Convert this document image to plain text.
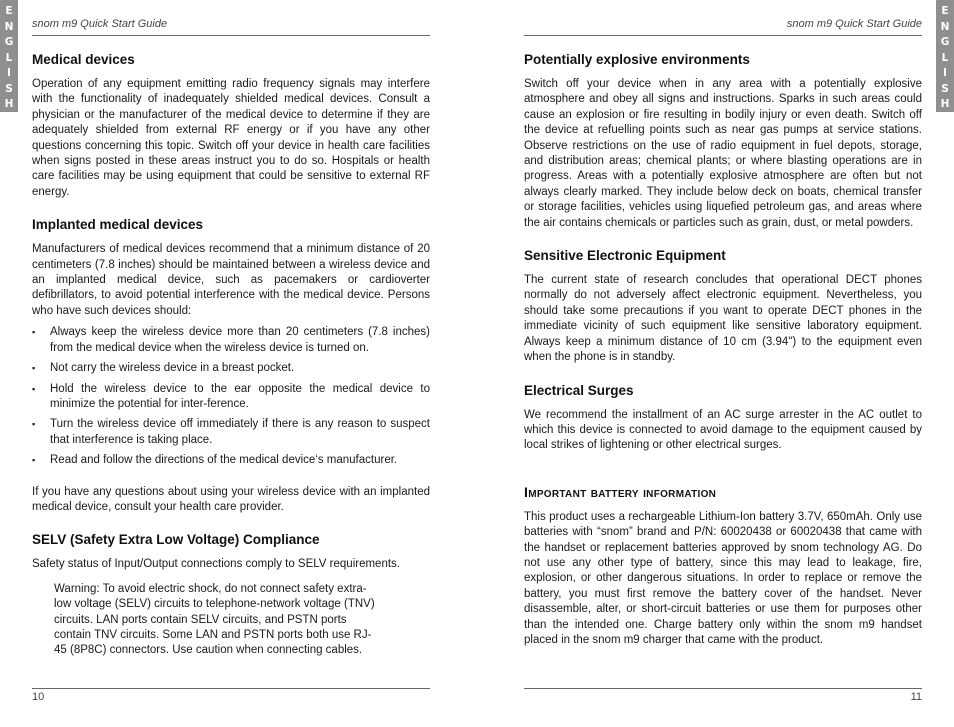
E
N
G
L
I
S
H
E
N
G
L
I
S
H
snom m9 Quick Start Guide
Medical devices

Operation of any equipment emitting radio frequency signals may interfere with the functionality of inadequately shielded medical devices. Consult a physician or the manufacturer of the medical device to determine if they are adequately shielded from external RF energy or if you have any other questions concerning this topic. Switch off your device in health care facilities when signs posted in these areas instruct you to do so. Hospitals or health care facilities may be using equipment that could be sensitive to external RF energy.

Implanted medical devices

Manufacturers of medical devices recommend that a minimum distance of 20 centimeters (7.8 inches) should be maintained between a wireless device and an implanted medical device, such as pacemakers or cardioverter defibrillators, to avoid potential interference with the medical device. Persons who have such devices should:

▪ Always keep the wireless device more than 20 centimeters (7.8 inches) from the medical device when the wireless device is turned on.
▪ Not carry the wireless device in a breast pocket.
▪ Hold the wireless device to the ear opposite the medical device to minimize the potential for inter-ference.
▪ Turn the wireless device off immediately if there is any reason to suspect that interference is taking place.
▪ Read and follow the directions of the medical device‘s manufacturer.

If you have any questions about using your wireless device with an implanted medical device, consult your health care provider.

SELV (Safety Extra Low Voltage) Compliance

Safety status of Input/Output connections comply to SELV requirements.

Warning: To avoid electric shock, do not connect safety extra-
low voltage (SELV) circuits to telephone-network voltage (TNV)
circuits. LAN ports contain SELV circuits, and PSTN ports
contain TNV circuits. Some LAN and PSTN ports both use RJ-
45 (8P8C) connectors. Use caution when connecting cables.
10
snom m9 Quick Start Guide
Potentially explosive environments

Switch off your device when in any area with a potentially explosive atmosphere and obey all signs and instructions. Sparks in such areas could cause an explosion or fire resulting in bodily injury or even death. Switch off the device at refuelling points such as near gas pumps at service stations. Observe restrictions on the use of radio equipment in fuel depots, storage, and distribution areas; chemical plants; or where blasting operations are in progress. Areas with a potentially explosive atmosphere are often but not always clearly marked. They include below deck on boats, chemical transfer or storage facilities, vehicles using liquefied petroleum gas, and areas where the air contains chemicals or particles such as grain, dust, or metal powders.

Sensitive Electronic Equipment

The current state of research concludes that operational DECT phones normally do not adversely affect electronic equipment. Nevertheless, you should take some precautions if you want to operate DECT phones in the immediate vicinity of such equipment like sensitive laboratory equipment. Always keep a minimum distance of 10 cm (3.94") to the equipment even when the phone is in standby.

Electrical Surges

We recommend the installment of an AC surge arrester in the AC outlet to which this device is connected to avoid damage to the equipment caused by local strikes of lightening or other electrical surges.

Important battery information

This product uses a rechargeable Lithium-Ion battery 3.7V, 650mAh. Only use batteries with “snom” brand and P/N: 60020438 or 60020438 that came with the handset or replacement batteries approved by snom technology AG. Do not use any other type of battery, since this may lead to leakage, fire, explosion, or other dangerous situations. In order to replace or remove the battery, you must first remove the battery cover of the handset. Never disassemble, alter, or short-circuit batteries or use them for purposes other than the intended one. Charge battery only within the snom m9 handset placed in the snom m9 charger that came with the product.

11
